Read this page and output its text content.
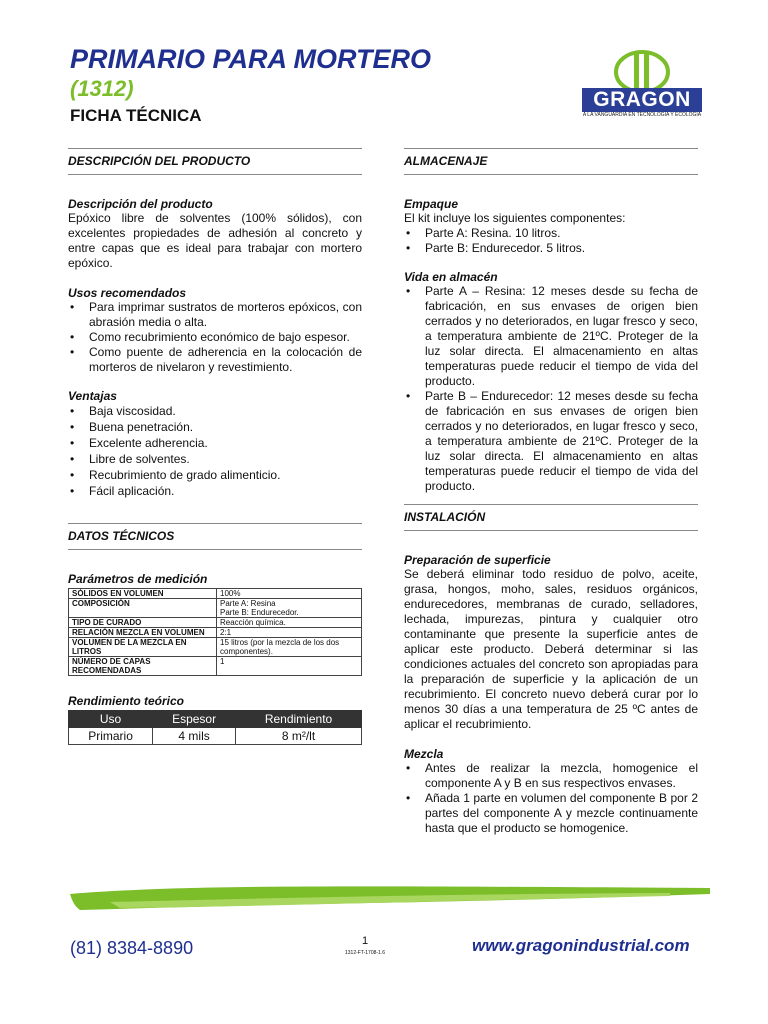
PRIMARIO PARA MORTERO
(1312)
FICHA TÉCNICA
GRAGON
A LA VANGUARDIA EN TECNOLOGÍA Y ECOLOGÍA
DESCRIPCIÓN DEL PRODUCTO
Descripción del producto

Epóxico libre de solventes (100% sólidos), con excelentes propiedades de adhesión al concreto y entre capas que es ideal para trabajar con mortero epóxico.

Usos recomendados
• Para imprimar sustratos de morteros epóxicos, con abrasión media o alta.
• Como recubrimiento económico de bajo espesor.
• Como puente de adherencia en la colocación de morteros de nivelaron y revestimiento.
Ventajas
• Baja viscosidad.
• Buena penetración.
• Excelente adherencia.
• Libre de solventes.
• Recubrimiento de grado alimenticio.
• Fácil aplicación.
DATOS TÉCNICOS
Parámetros de medición
SÓLIDOS EN VOLUMEN	100%
COMPOSICIÓN	Parte A: Resina
Parte B: Endurecedor.
TIPO DE CURADO	Reacción química.
RELACIÓN MEZCLA EN VOLUMEN	2:1
VOLUMEN DE LA MEZCLA EN LITROS	15 litros (por la mezcla de los dos componentes).
NÚMERO DE CAPAS RECOMENDADAS	1
Rendimiento teórico
Uso	Espesor	Rendimiento
Primario	4 mils	8 m²/lt
ALMACENAJE
Empaque

El kit incluye los siguientes componentes:

• Parte A: Resina. 10 litros.
• Parte B: Endurecedor. 5 litros.
Vida en almacén
• Parte A – Resina: 12 meses desde su fecha de fabricación, en sus envases de origen bien cerrados y no deteriorados, en lugar fresco y seco, a temperatura ambiente de 21ºC. Proteger de la luz solar directa. El almacenamiento en altas temperaturas puede reducir el tiempo de vida del producto.
• Parte B – Endurecedor: 12 meses desde su fecha de fabricación en sus envases de origen bien cerrados y no deteriorados, en lugar fresco y seco, a temperatura ambiente de 21ºC. Proteger de la luz solar directa. El almacenamiento en altas temperaturas puede reducir el tiempo de vida del producto.
INSTALACIÓN
Preparación de superficie

Se deberá eliminar todo residuo de polvo, aceite, grasa, hongos, moho, sales, residuos orgánicos, endurecedores, membranas de curado, selladores, lechada, impurezas, pintura y cualquier otro contaminante que presente la superficie antes de aplicar este producto. Deberá determinar si las condiciones actuales del concreto son apropiadas para la preparación de superficie y la aplicación de un recubrimiento. El concreto nuevo deberá curar por lo menos 30 días a una temperatura de 25 ºC antes de aplicar el recubrimiento.

Mezcla
• Antes de realizar la mezcla, homogenice el componente A y B en sus respectivos envases.
• Añada 1 parte en volumen del componente B por 2 partes del componente A y mezcle continuamente hasta que el producto se homogenice.
(81) 8384-8890	1
1312-FT-1708-1.6	www.gragonindustrial.com
